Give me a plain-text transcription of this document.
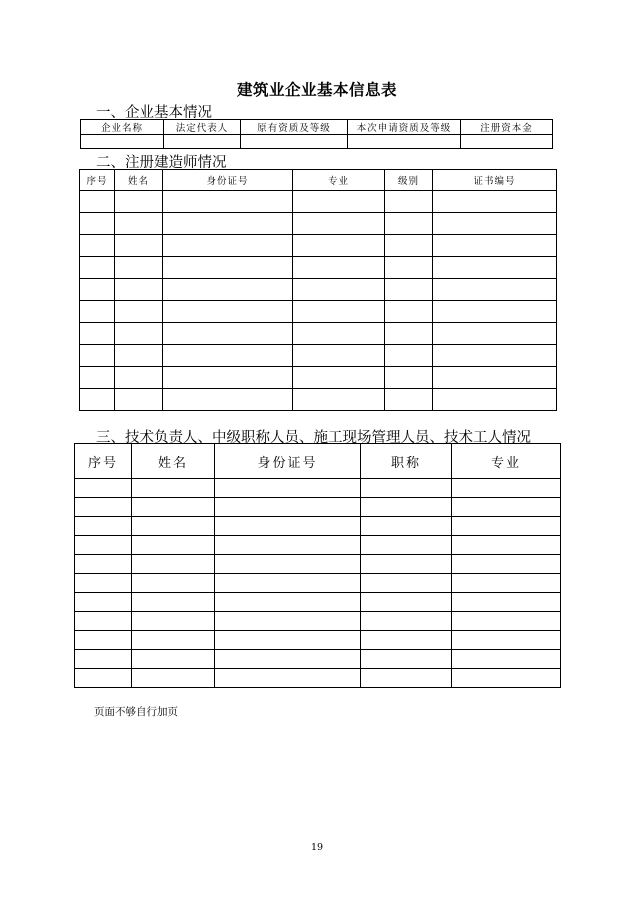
建筑业企业基本信息表
一、企业基本情况
企业名称	法定代表人	原有资质及等级	本次申请资质及等级	注册资本金

二、注册建造师情况
序号	姓名	身份证号	专业	级别	证书编号

三、技术负责人、中级职称人员、施工现场管理人员、技术工人情况
序号	姓名	身份证号	职称	专业

页面不够自行加页
19
